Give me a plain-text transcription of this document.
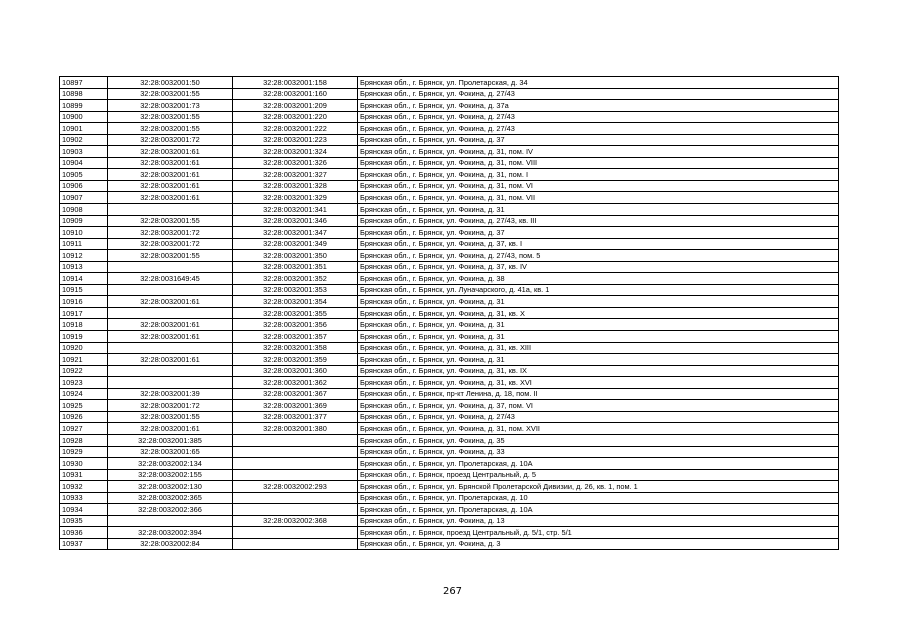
10897	32:28:0032001:50	32:28:0032001:158	Брянская обл., г. Брянск, ул. Пролетарская, д. 34
10898	32:28:0032001:55	32:28:0032001:160	Брянская обл., г. Брянск, ул. Фокина, д. 27/43
10899	32:28:0032001:73	32:28:0032001:209	Брянская обл., г. Брянск, ул. Фокина, д. 37а
10900	32:28:0032001:55	32:28:0032001:220	Брянская обл., г. Брянск, ул. Фокина, д. 27/43
10901	32:28:0032001:55	32:28:0032001:222	Брянская обл., г. Брянск, ул. Фокина, д. 27/43
10902	32:28:0032001:72	32:28:0032001:223	Брянская обл., г. Брянск, ул. Фокина, д. 37
10903	32:28:0032001:61	32:28:0032001:324	Брянская обл., г. Брянск, ул. Фокина, д. 31, пом. IV
10904	32:28:0032001:61	32:28:0032001:326	Брянская обл., г. Брянск, ул. Фокина, д. 31, пом. VIII
10905	32:28:0032001:61	32:28:0032001:327	Брянская обл., г. Брянск, ул. Фокина, д. 31, пом. I
10906	32:28:0032001:61	32:28:0032001:328	Брянская обл., г. Брянск, ул. Фокина, д. 31, пом. VI
10907	32:28:0032001:61	32:28:0032001:329	Брянская обл., г. Брянск, ул. Фокина, д. 31, пом. VII
10908		32:28:0032001:341	Брянская обл., г. Брянск, ул. Фокина, д. 31
10909	32:28:0032001:55	32:28:0032001:346	Брянская обл., г. Брянск, ул. Фокина, д. 27/43, кв. III
10910	32:28:0032001:72	32:28:0032001:347	Брянская обл., г. Брянск, ул. Фокина, д. 37
10911	32:28:0032001:72	32:28:0032001:349	Брянская обл., г. Брянск, ул. Фокина, д. 37, кв. I
10912	32:28:0032001:55	32:28:0032001:350	Брянская обл., г. Брянск, ул. Фокина, д. 27/43, пом. 5
10913		32:28:0032001:351	Брянская обл., г. Брянск, ул. Фокина, д. 37, кв. IV
10914	32:28:0031649:45	32:28:0032001:352	Брянская обл., г. Брянск, ул. Фокина, д. 38
10915		32:28:0032001:353	Брянская обл., г. Брянск, ул. Луначарского, д. 41а, кв. 1
10916	32:28:0032001:61	32:28:0032001:354	Брянская обл., г. Брянск, ул. Фокина, д. 31
10917		32:28:0032001:355	Брянская обл., г. Брянск, ул. Фокина, д. 31, кв. X
10918	32:28:0032001:61	32:28:0032001:356	Брянская обл., г. Брянск, ул. Фокина, д. 31
10919	32:28:0032001:61	32:28:0032001:357	Брянская обл., г. Брянск, ул. Фокина, д. 31
10920		32:28:0032001:358	Брянская обл., г. Брянск, ул. Фокина, д. 31, кв. XIII
10921	32:28:0032001:61	32:28:0032001:359	Брянская обл., г. Брянск, ул. Фокина, д. 31
10922		32:28:0032001:360	Брянская обл., г. Брянск, ул. Фокина, д. 31, кв. IX
10923		32:28:0032001:362	Брянская обл., г. Брянск, ул. Фокина, д. 31, кв. XVI
10924	32:28:0032001:39	32:28:0032001:367	Брянская обл., г. Брянск, пр-кт Ленина, д. 18, пом. II
10925	32:28:0032001:72	32:28:0032001:369	Брянская обл., г. Брянск, ул. Фокина, д. 37, пом. VI
10926	32:28:0032001:55	32:28:0032001:377	Брянская обл., г. Брянск, ул. Фокина, д. 27/43
10927	32:28:0032001:61	32:28:0032001:380	Брянская обл., г. Брянск, ул. Фокина, д. 31, пом. XVII
10928	32:28:0032001:385		Брянская обл., г. Брянск, ул. Фокина, д. 35
10929	32:28:0032001:65		Брянская обл., г. Брянск, ул. Фокина, д. 33
10930	32:28:0032002:134		Брянская обл., г. Брянск, ул. Пролетарская, д. 10А
10931	32:28:0032002:155		Брянская обл., г. Брянск, проезд Центральный, д. 5
10932	32:28:0032002:130	32:28:0032002:293	Брянская обл., г. Брянск, ул. Брянской Пролетарской Дивизии, д. 26, кв. 1, пом. 1
10933	32:28:0032002:365		Брянская обл., г. Брянск, ул. Пролетарская, д. 10
10934	32:28:0032002:366		Брянская обл., г. Брянск, ул. Пролетарская, д. 10А
10935		32:28:0032002:368	Брянская обл., г. Брянск, ул. Фокина, д. 13
10936	32:28:0032002:394		Брянская обл., г. Брянск, проезд Центральный, д. 5/1, стр. 5/1
10937	32:28:0032002:84		Брянская обл., г. Брянск, ул. Фокина, д. 3
267
